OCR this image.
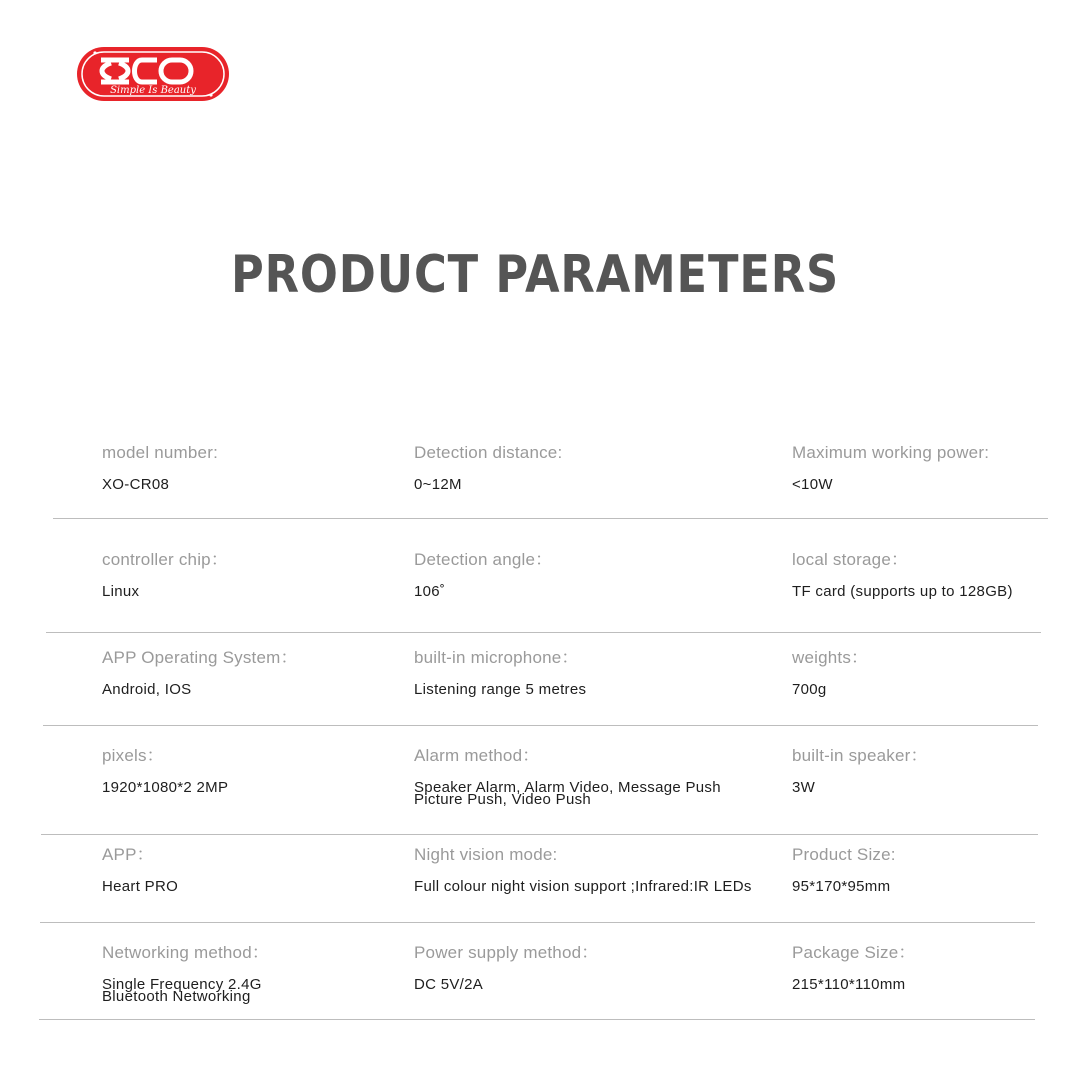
Simple Is Beauty
PRODUCT PARAMETERS
model number:
XO-CR08
Detection distance:
0~12M
Maximum working power:
<10W
controller chip：
Linux
Detection angle：
106˚
local storage：
TF card (supports up to 128GB)
APP Operating System：
Android, IOS
built-in microphone：
Listening range 5 metres
weights：
700g
pixels：
1920*1080*2 2MP
Alarm method：
Speaker Alarm, Alarm Video, Message Push
Picture Push, Video Push
built-in speaker：
3W
APP：
Heart PRO
Night vision mode:
Full colour night vision support ;Infrared:IR LEDs
Product Size:
95*170*95mm
Networking method：
Single Frequency 2.4G
Bluetooth Networking
Power supply method：
DC 5V/2A
Package Size：
215*110*110mm
